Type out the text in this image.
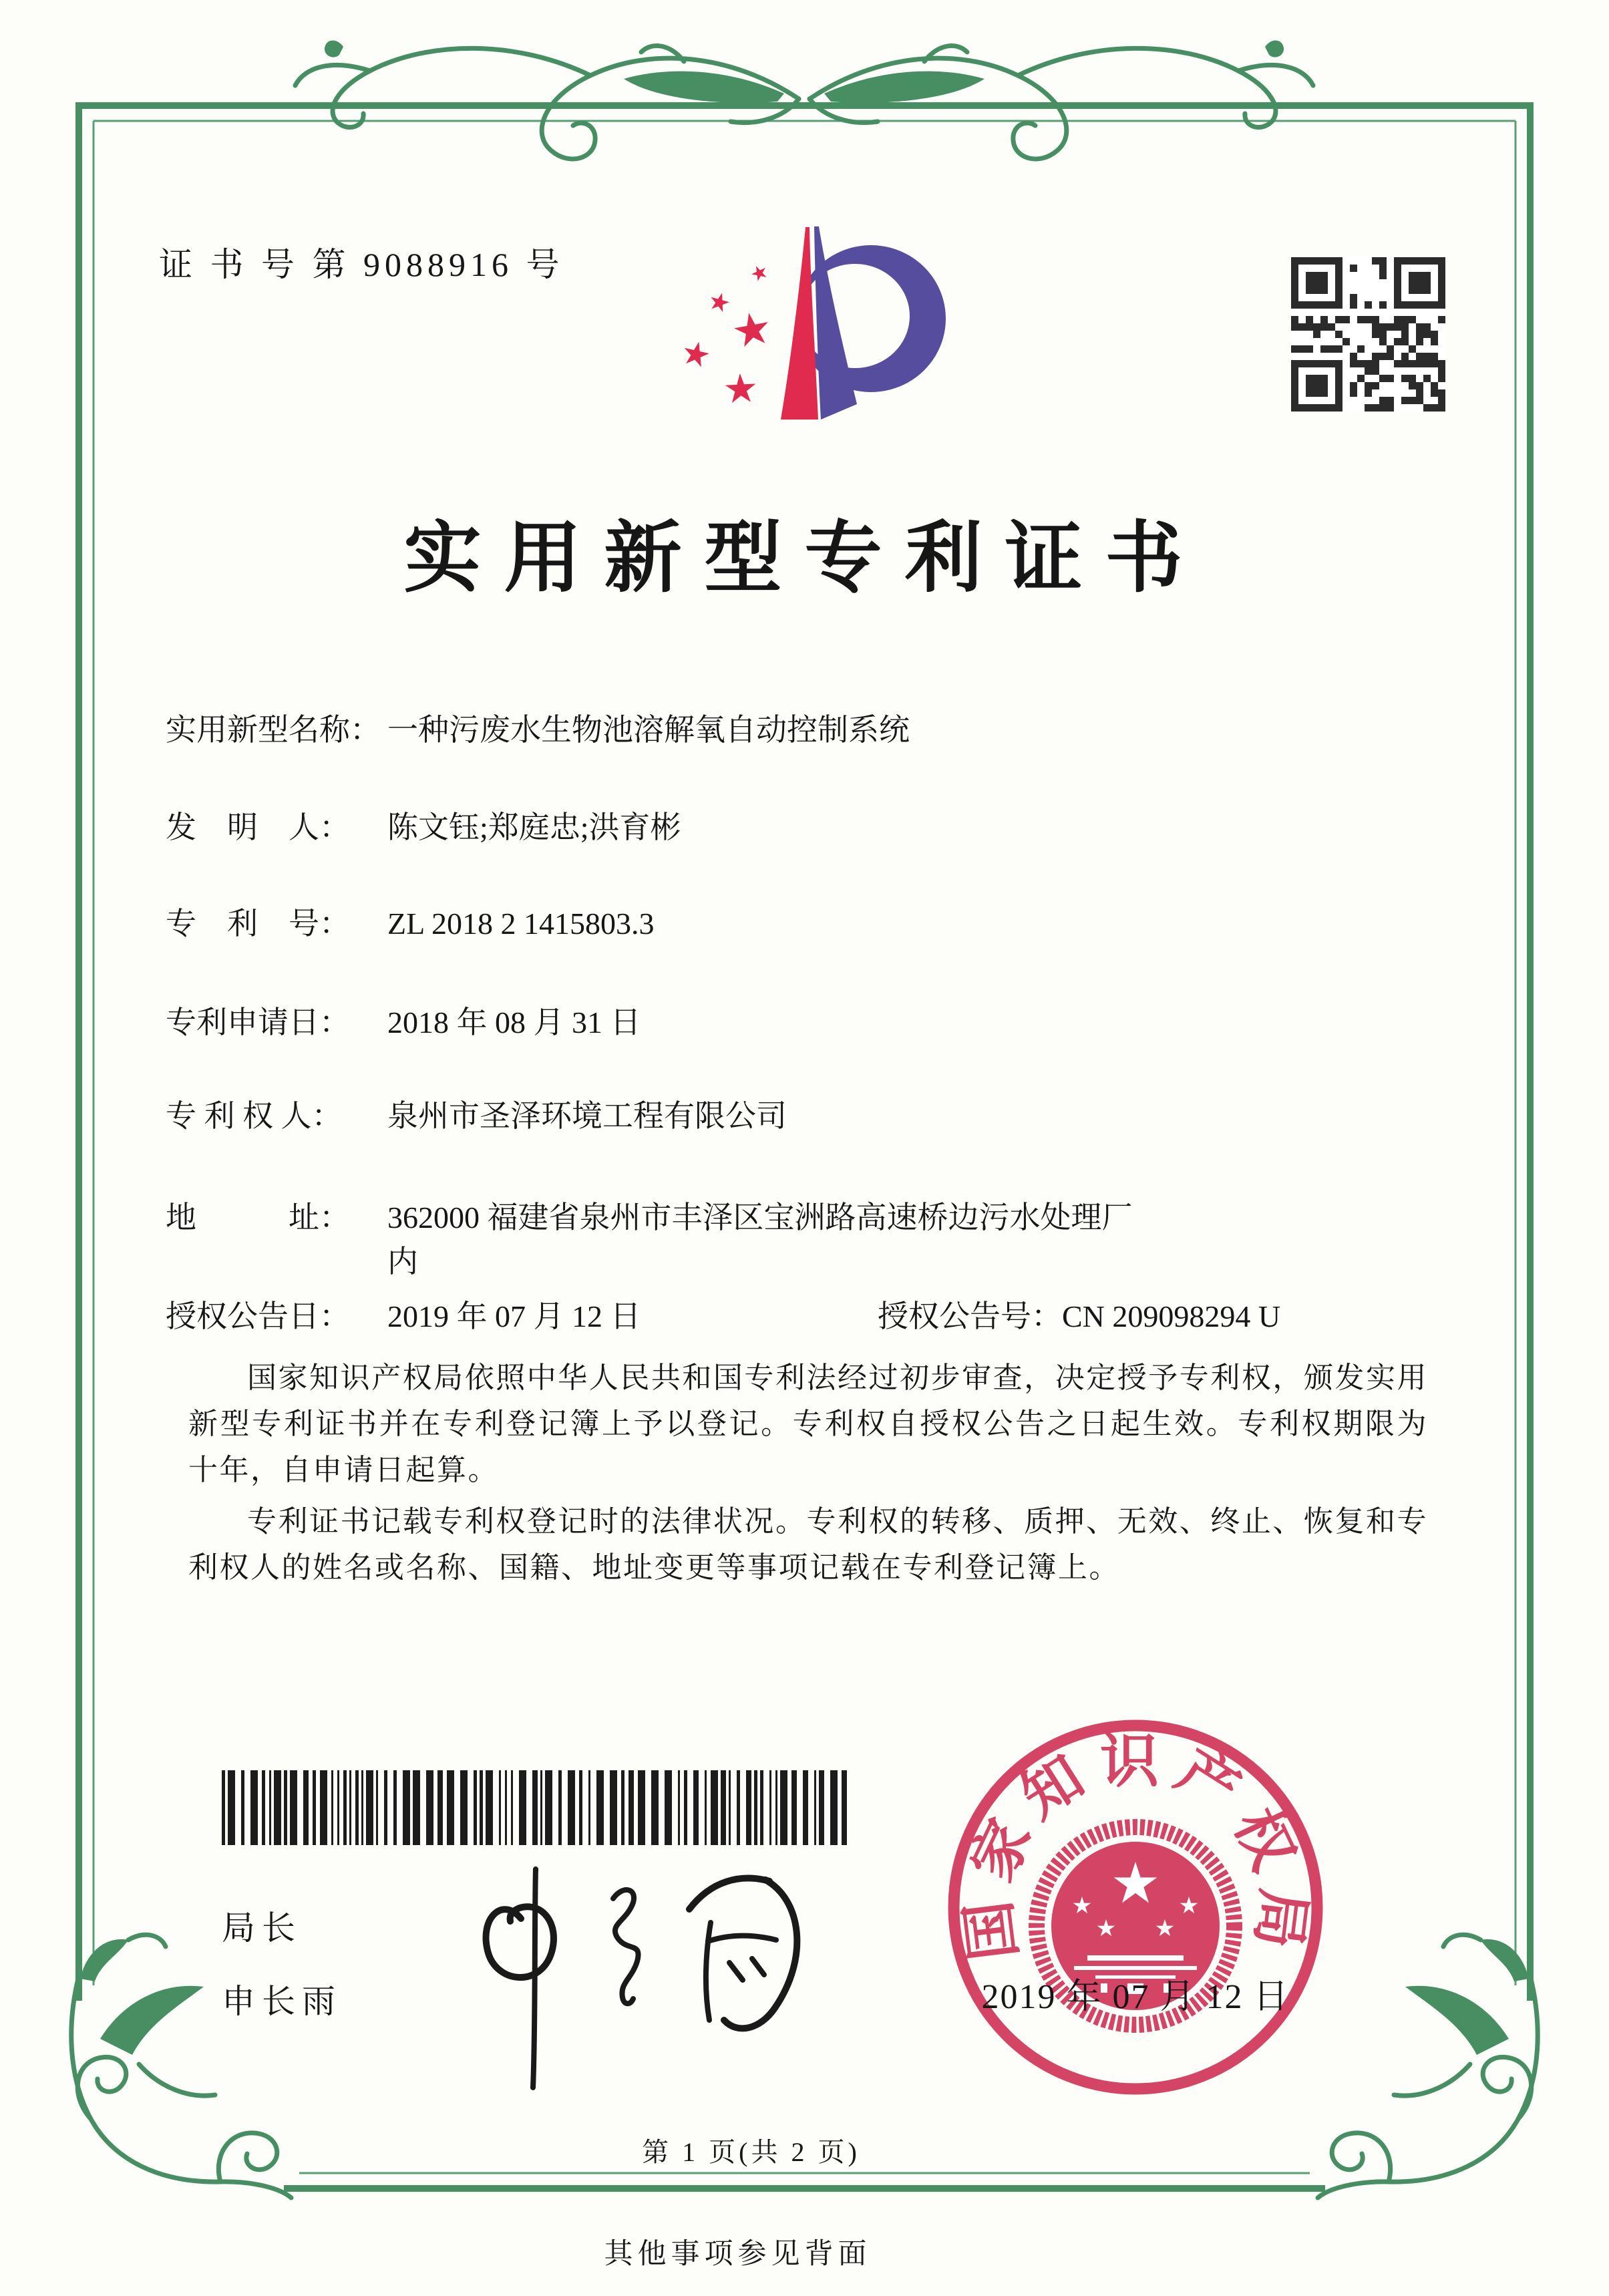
证 书 号 第 9088916 号
实用新型专利证书
实用新型名称： 一种污废水生物池溶解氧自动控制系统
发　明　人： 陈文钰;郑庭忠;洪育彬
专　利　号： ZL 2018 2 1415803.3
专利申请日： 2018 年 08 月 31 日
专 利 权 人： 泉州市圣泽环境工程有限公司
地　　　址： 362000 福建省泉州市丰泽区宝洲路高速桥边污水处理厂
内
授权公告日： 2019 年 07 月 12 日	授权公告号：CN 209098294 U

国家知识产权局依照中华人民共和国专利法经过初步审查，决定授予专利权，颁发实用新型专利证书并在专利登记簿上予以登记。专利权自授权公告之日起生效。专利权期限为十年，自申请日起算。

专利证书记载专利权登记时的法律状况。专利权的转移、质押、无效、终止、恢复和专利权人的姓名或名称、国籍、地址变更等事项记载在专利登记簿上。

局长
申长雨
国家知识产权局
2019 年 07 月 12 日
第 1 页(共 2 页)
其他事项参见背面
